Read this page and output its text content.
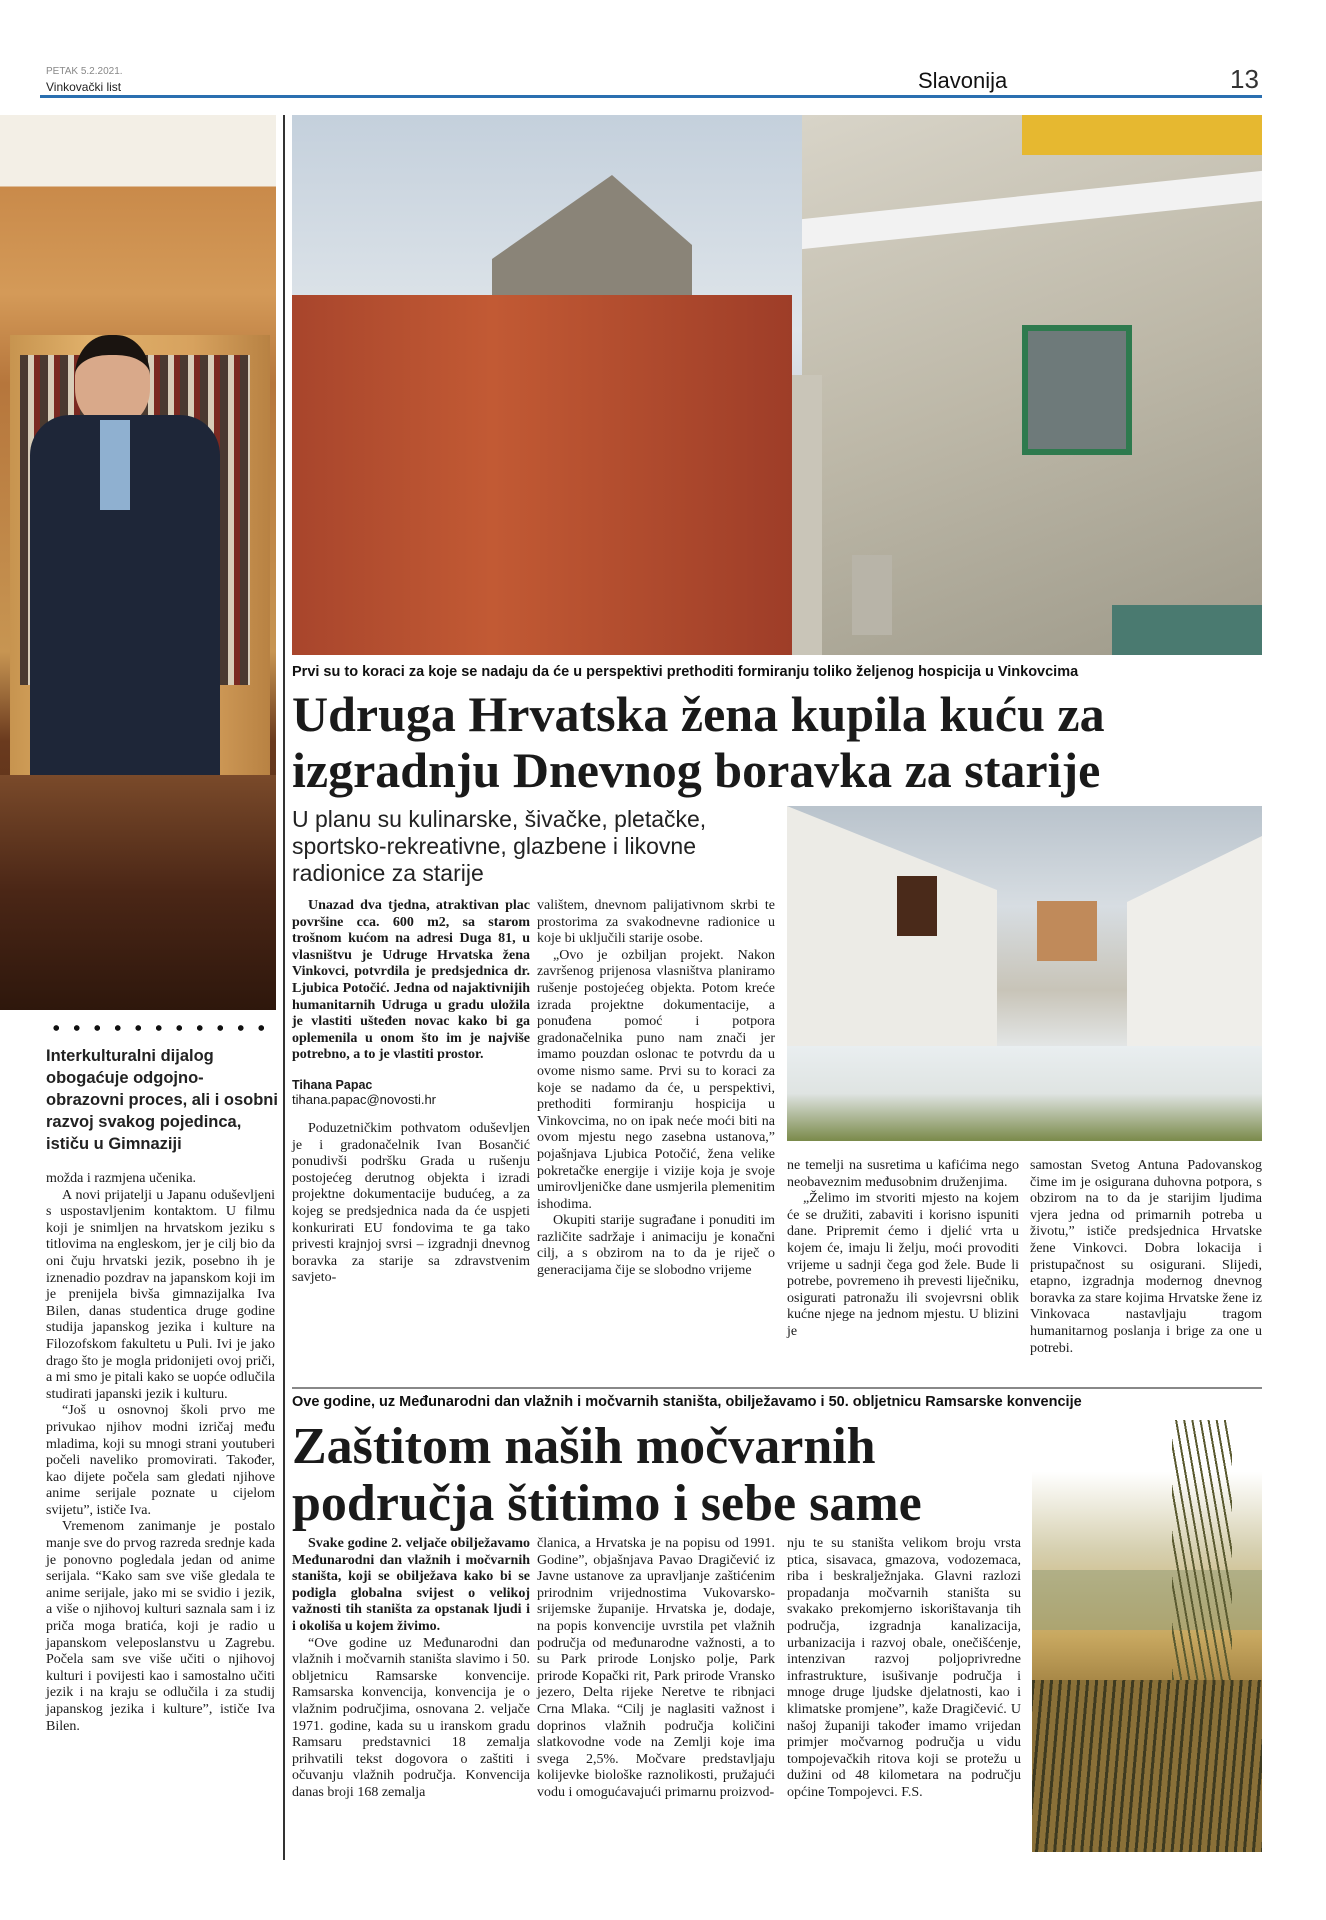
PETAK 5.2.2021.
Vinkovački list	Slavonija	13
Interkulturalni dijalog obogaćuje odgojno-obrazovni proces, ali i osobni razvoj svakog pojedinca, ističu u Gimnaziji

možda i razmjena učenika.

A novi prijatelji u Japanu oduševljeni s uspostavljenim kontaktom. U filmu koji je snimljen na hrvatskom jeziku s titlovima na engleskom, jer je cilj bio da oni čuju hrvatski jezik, posebno ih je iznenadio pozdrav na japanskom koji im je prenijela bivša gimnazijalka Iva Bilen, danas studentica druge godine studija japanskog jezika i kulture na Filozofskom fakultetu u Puli. Ivi je jako drago što je mogla pridonijeti ovoj priči, a mi smo je pitali kako se uopće odlučila studirati japanski jezik i kulturu.

“Još u osnovnoj školi prvo me privukao njihov modni izričaj među mladima, koji su mnogi strani youtuberi počeli naveliko promovirati. Također, kao dijete počela sam gledati njihove anime serijale poznate u cijelom svijetu”, ističe Iva.

Vremenom zanimanje je postalo manje sve do prvog razreda srednje kada je ponovno pogledala jedan od anime serijala. “Kako sam sve više gledala te anime serijale, jako mi se svidio i jezik, a više o njihovoj kulturi saznala sam i iz priča moga bratića, koji je radio u japanskom veleposlanstvu u Zagrebu. Počela sam sve više učiti o njihovoj kulturi i povijesti kao i samostalno učiti jezik i na kraju se odlučila i za studij japanskog jezika i kulture”, ističe Iva Bilen.

Prvi su to koraci za koje se nadaju da će u perspektivi prethoditi formiranju toliko željenog hospicija u Vinkovcima
Udruga Hrvatska žena kupila kuću za izgradnju Dnevnog boravka za starije
U planu su kulinarske, šivačke, pletačke, sportsko-rekreativne, glazbene i likovne radionice za starije

Unazad dva tjedna, atraktivan plac površine cca. 600 m2, sa starom trošnom kućom na adresi Duga 81, u vlasništvu je Udruge Hrvatska žena Vinkovci, potvrdila je predsjednica dr. Ljubica Potočić. Jedna od najaktivnijih humanitarnih Udruga u gradu uložila je vlastiti ušteđen novac kako bi ga oplemenila u onom što im je najviše potrebno, a to je vlastiti prostor.

Tihana Papac
tihana.papac@novosti.hr

Poduzetničkim pothvatom oduševljen je i gradonačelnik Ivan Bosančić ponudivši podršku Grada u rušenju postojećeg derutnog objekta i izradi projektne dokumentacije budućeg, a za kojeg se predsjednica nada da će uspjeti konkurirati EU fondovima te ga tako privesti krajnjoj svrsi – izgradnji dnevnog boravka za starije sa zdravstvenim savjeto-

valištem, dnevnom palijativnom skrbi te prostorima za svakodnevne radionice u koje bi uključili starije osobe.

„Ovo je ozbiljan projekt. Nakon završenog prijenosa vlasništva planiramo rušenje postojećeg objekta. Potom kreće izrada projektne dokumentacije, a ponuđena pomoć i potpora gradonačelnika puno nam znači jer imamo pouzdan oslonac te potvrdu da u ovome nismo same. Prvi su to koraci za koje se nadamo da će, u perspektivi, prethoditi formiranju hospicija u Vinkovcima, no on ipak neće moći biti na ovom mjestu nego zasebna ustanova,” pojašnjava Ljubica Potočić, žena velike pokretačke energije i vizije koja je svoje umirovljeničke dane usmjerila plemenitim ishodima.

Okupiti starije sugrađane i ponuditi im različite sadržaje i animaciju je konačni cilj, a s obzirom na to da je riječ o generacijama čije se slobodno vrijeme

ne temelji na susretima u kafićima nego neobaveznim međusobnim druženjima.

„Želimo im stvoriti mjesto na kojem će se družiti, zabaviti i korisno ispuniti dane. Pripremit ćemo i djelić vrta u kojem će, imaju li želju, moći provoditi vrijeme u sadnji čega god žele. Bude li potrebe, povremeno ih prevesti liječniku, osigurati patronažu ili svojevrsni oblik kućne njege na jednom mjestu. U blizini je

samostan Svetog Antuna Padovanskog čime im je osigurana duhovna potpora, s obzirom na to da je starijim ljudima vjera jedna od primarnih potreba u životu,” ističe predsjednica Hrvatske žene Vinkovci. Dobra lokacija i pristupačnost su osigurani. Slijedi, etapno, izgradnja modernog dnevnog boravka za stare kojima Hrvatske žene iz Vinkovaca nastavljaju tragom humanitarnog poslanja i brige za one u potrebi.

Ove godine, uz Međunarodni dan vlažnih i močvarnih staništa, obilježavamo i 50. obljetnicu Ramsarske konvencije
Zaštitom naših močvarnih područja štitimo i sebe same

Svake godine 2. veljače obilježavamo Međunarodni dan vlažnih i močvarnih staništa, koji se obilježava kako bi se podigla globalna svijest o velikoj važnosti tih staništa za opstanak ljudi i i okoliša u kojem živimo.

“Ove godine uz Međunarodni dan vlažnih i močvarnih staništa slavimo i 50. obljetnicu Ramsarske konvencije. Ramsarska konvencija, konvencija je o vlažnim područjima, osnovana 2. veljače 1971. godine, kada su u iranskom gradu Ramsaru predstavnici 18 zemalja prihvatili tekst dogovora o zaštiti i očuvanju vlažnih područja. Konvencija danas broji 168 zemalja

članica, a Hrvatska je na popisu od 1991. Godine”, objašnjava Pavao Dragičević iz Javne ustanove za upravljanje zaštićenim prirodnim vrijednostima Vukovarsko-srijemske županije. Hrvatska je, dodaje, na popis konvencije uvrstila pet vlažnih područja od međunarodne važnosti, a to su Park prirode Lonjsko polje, Park prirode Kopački rit, Park prirode Vransko jezero, Delta rijeke Neretve te ribnjaci Crna Mlaka. “Cilj je naglasiti važnost i doprinos vlažnih područja količini slatkovodne vode na Zemlji koje ima svega 2,5%. Močvare predstavljaju kolijevke biološke raznolikosti, pružajući vodu i omogućavajući primarnu proizvod-

nju te su staništa velikom broju vrsta ptica, sisavaca, gmazova, vodozemaca, riba i beskralježnjaka. Glavni razlozi propadanja močvarnih staništa su svakako prekomjerno iskorištavanja tih područja, izgradnja kanalizacija, urbanizacija i razvoj obale, onečišćenje, intenzivan razvoj poljoprivredne infrastrukture, isušivanje područja i mnoge druge ljudske djelatnosti, kao i klimatske promjene”, kaže Dragičević. U našoj županiji također imamo vrijedan primjer močvarnog područja u vidu tompojevačkih ritova koji se protežu u dužini od 48 kilometara na području općine Tompojevci. F.S.
